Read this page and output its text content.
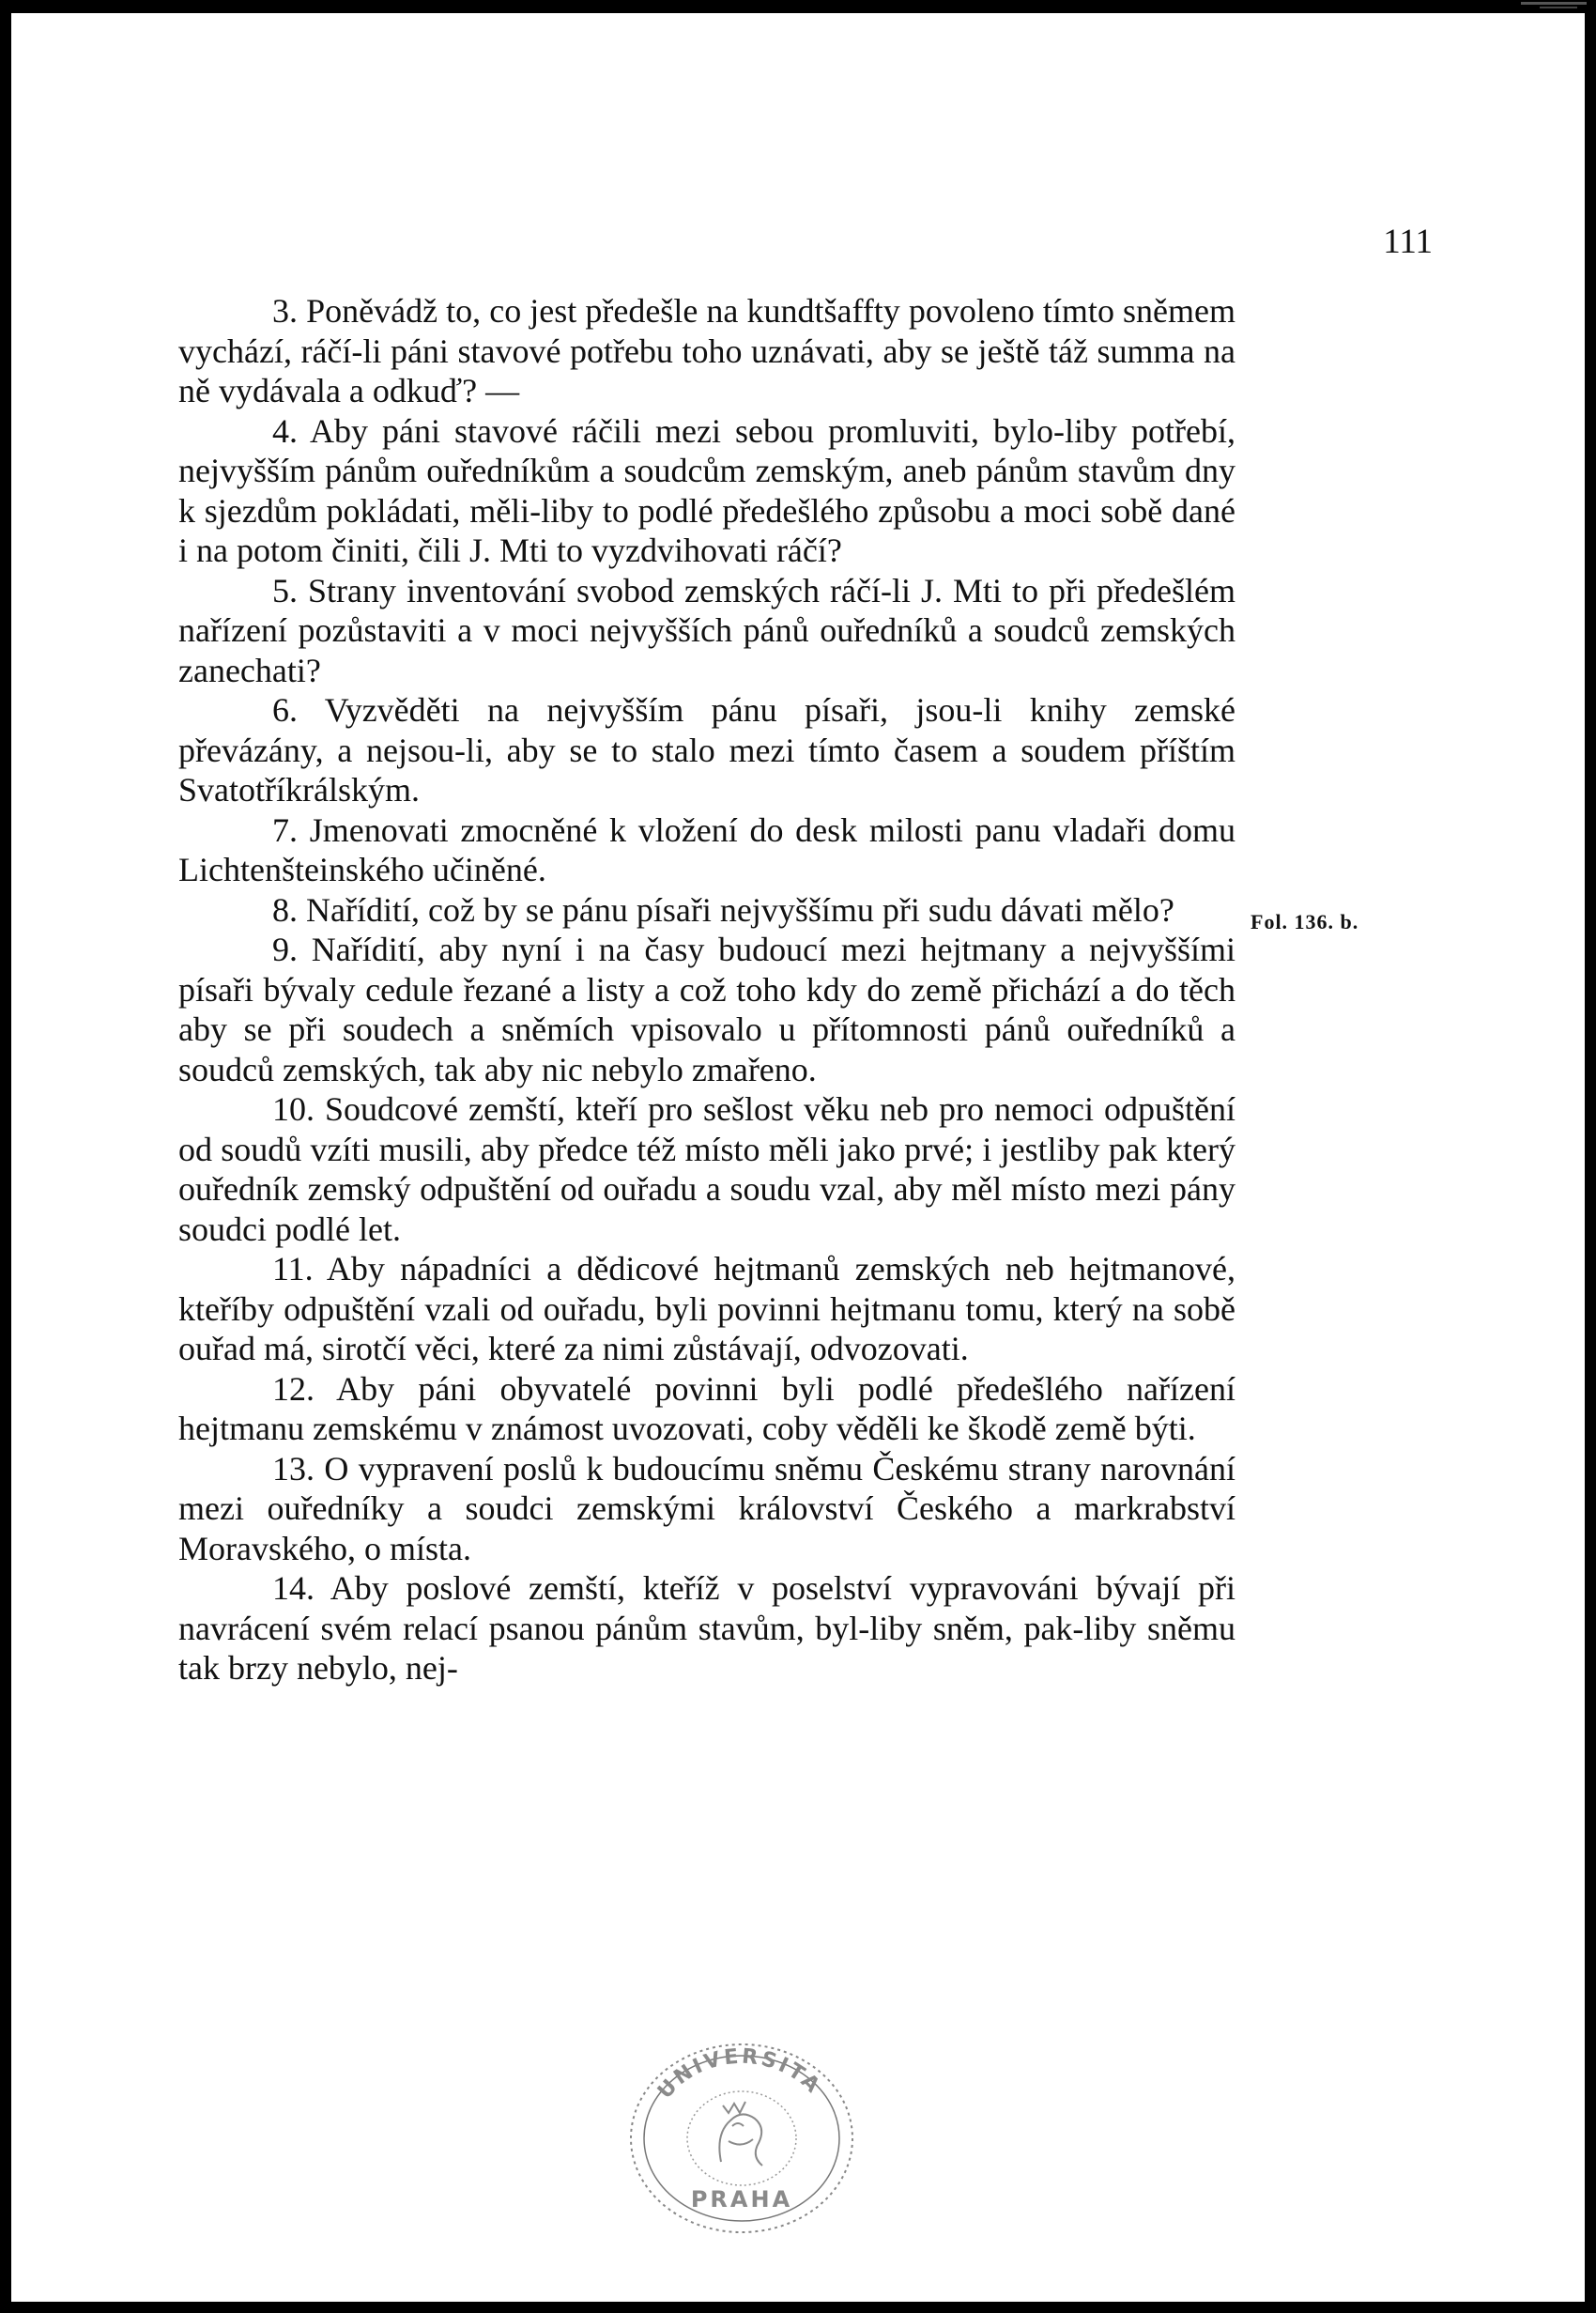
111

3. Poněvádž to, co jest předešle na kundtšaffty povoleno tímto sněmem vychází, ráčí-li páni stavové potřebu toho uznávati, aby se ještě táž summa na ně vydávala a odkuď? —

4. Aby páni stavové ráčili mezi sebou promluviti, bylo-liby potřebí, nejvyšším pánům ouředníkům a soudcům zemským, aneb pánům stavům dny k sjezdům pokládati, měli-liby to podlé předešlého způsobu a moci sobě dané i na potom činiti, čili J. Mti to vyzdvihovati ráčí?

5. Strany inventování svobod zemských ráčí-li J. Mti to při předešlém nařízení pozůstaviti a v moci nejvyšších pánů ouředníků a soudců zemských zanechati?

6. Vyzvěděti na nejvyšším pánu písaři, jsou-li knihy zemské převázány, a nejsou-li, aby se to stalo mezi tímto časem a soudem příštím Svatotříkrálským.

7. Jmenovati zmocněné k vložení do desk milosti panu vladaři domu Lichtenšteinského učiněné.

8. Nařídití, což by se pánu písaři nejvyššímu při sudu dávati mělo?

9. Nařídití, aby nyní i na časy budoucí mezi hejtmany a nejvyššími písaři bývaly cedule řezané a listy a což toho kdy do země přichází a do těch aby se při soudech a sněmích vpisovalo u přítomnosti pánů ouředníků a soudců zemských, tak aby nic nebylo zmařeno.

10. Soudcové zemští, kteří pro sešlost věku neb pro nemoci odpuštění od soudů vzíti musili, aby předce též místo měli jako prvé; i jestliby pak který ouředník zemský odpuštění od ouřadu a soudu vzal, aby měl místo mezi pány soudci podlé let.

11. Aby nápadníci a dědicové hejtmanů zemských neb hejtmanové, kteříby odpuštění vzali od ouřadu, byli povinni hejtmanu tomu, který na sobě ouřad má, sirotčí věci, které za nimi zůstávají, odvozovati.

12. Aby páni obyvatelé povinni byli podlé předešlého nařízení hejtmanu zemskému v známost uvozovati, coby věděli ke škodě země býti.

13. O vypravení poslů k budoucímu sněmu Českému strany narovnání mezi ouředníky a soudci zemskými království Českého a markrabství Moravského, o místa.

14. Aby poslové zemští, kteříž v poselství vypravováni bývají při navrácení svém relací psanou pánům stavům, byl-liby sněm, pak-liby sněmu tak brzy nebylo, nej-

Fol. 136. b.
UNIVERSITA
PRAHA
